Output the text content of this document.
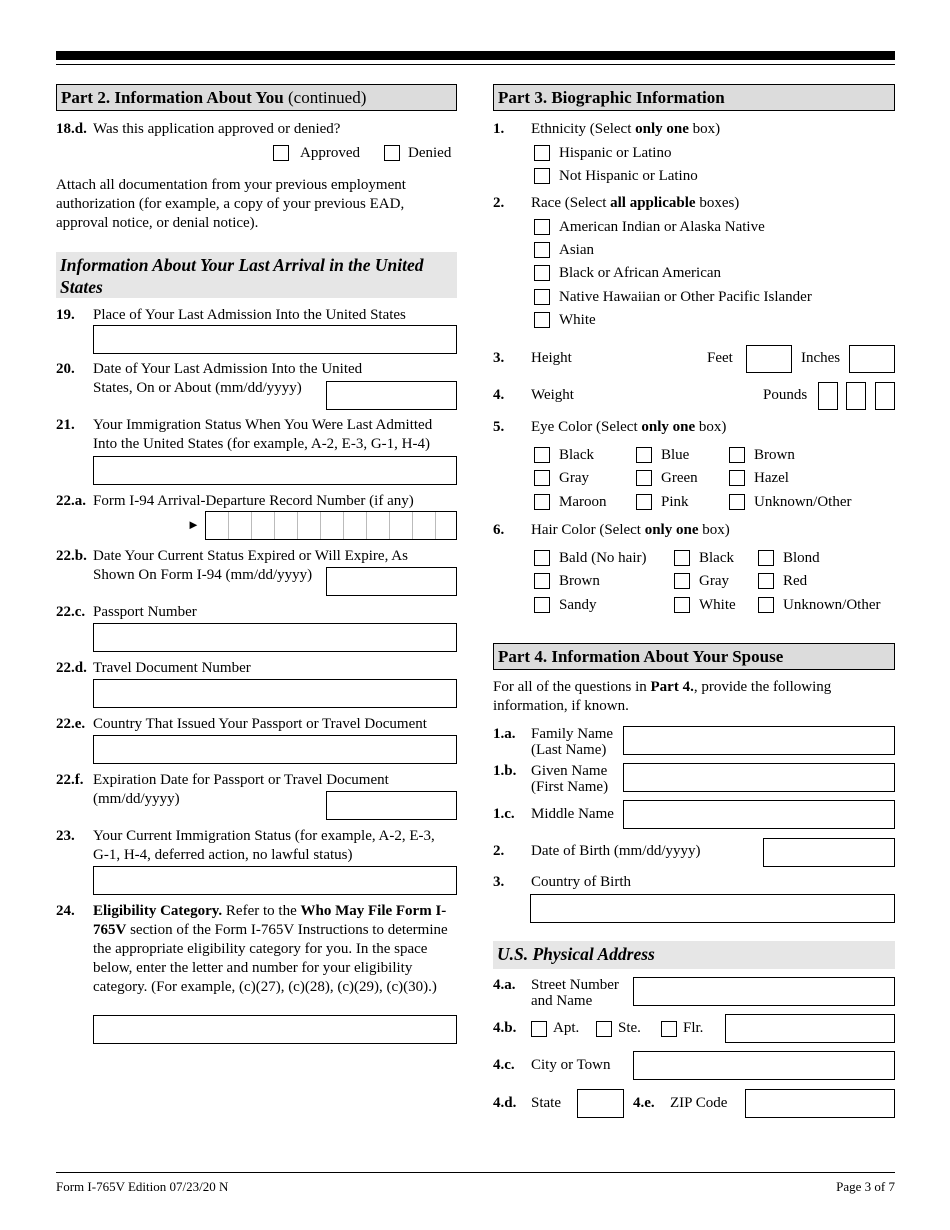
Part 2. Information About You (continued)
18.d. Was this application approved or denied?
Approved	Denied
Attach all documentation from your previous employment authorization (for example, a copy of your previous EAD, approval notice, or denial notice).
Information About Your Last Arrival in the United States
19. Place of Your Last Admission Into the United States
20. Date of Your Last Admission Into the United
States, On or About (mm/dd/yyyy)
21. Your Immigration Status When You Were Last Admitted
Into the United States (for example, A-2, E-3, G-1, H-4)
22.a. Form I-94 Arrival-Departure Record Number (if any)
►
22.b. Date Your Current Status Expired or Will Expire, As
Shown On Form I-94 (mm/dd/yyyy)
22.c. Passport Number
22.d. Travel Document Number
22.e. Country That Issued Your Passport or Travel Document
22.f. Expiration Date for Passport or Travel Document
(mm/dd/yyyy)
23. Your Current Immigration Status (for example, A-2, E-3,
G-1, H-4, deferred action, no lawful status)
24. Eligibility Category. Refer to the Who May File Form I-765V section of the Form I-765V Instructions to determine the appropriate eligibility category for you. In the space below, enter the letter and number for your eligibility category. (For example, (c)(27), (c)(28), (c)(29), (c)(30).)
Part 3. Biographic Information
1. Ethnicity (Select only one box)
Hispanic or Latino
Not Hispanic or Latino
2. Race (Select all applicable boxes)
American Indian or Alaska Native
Asian
Black or African American
Native Hawaiian or Other Pacific Islander
White
3. Height	Feet	Inches
4. Weight	Pounds
5. Eye Color (Select only one box)
Black	Blue	Brown
Gray	Green	Hazel
Maroon	Pink	Unknown/Other
6. Hair Color (Select only one box)
Bald (No hair)	Black	Blond
Brown	Gray	Red
Sandy	White	Unknown/Other
Part 4. Information About Your Spouse
For all of the questions in Part 4., provide the following information, if known.
1.a. Family Name
(Last Name)
1.b. Given Name
(First Name)
1.c. Middle Name
2. Date of Birth (mm/dd/yyyy)
3. Country of Birth
U.S. Physical Address
4.a. Street Number
and Name
4.b. Apt.	Ste.	Flr.
4.c. City or Town
4.d. State	4.e. ZIP Code
Form I-765V Edition 07/23/20 N	Page 3 of 7
